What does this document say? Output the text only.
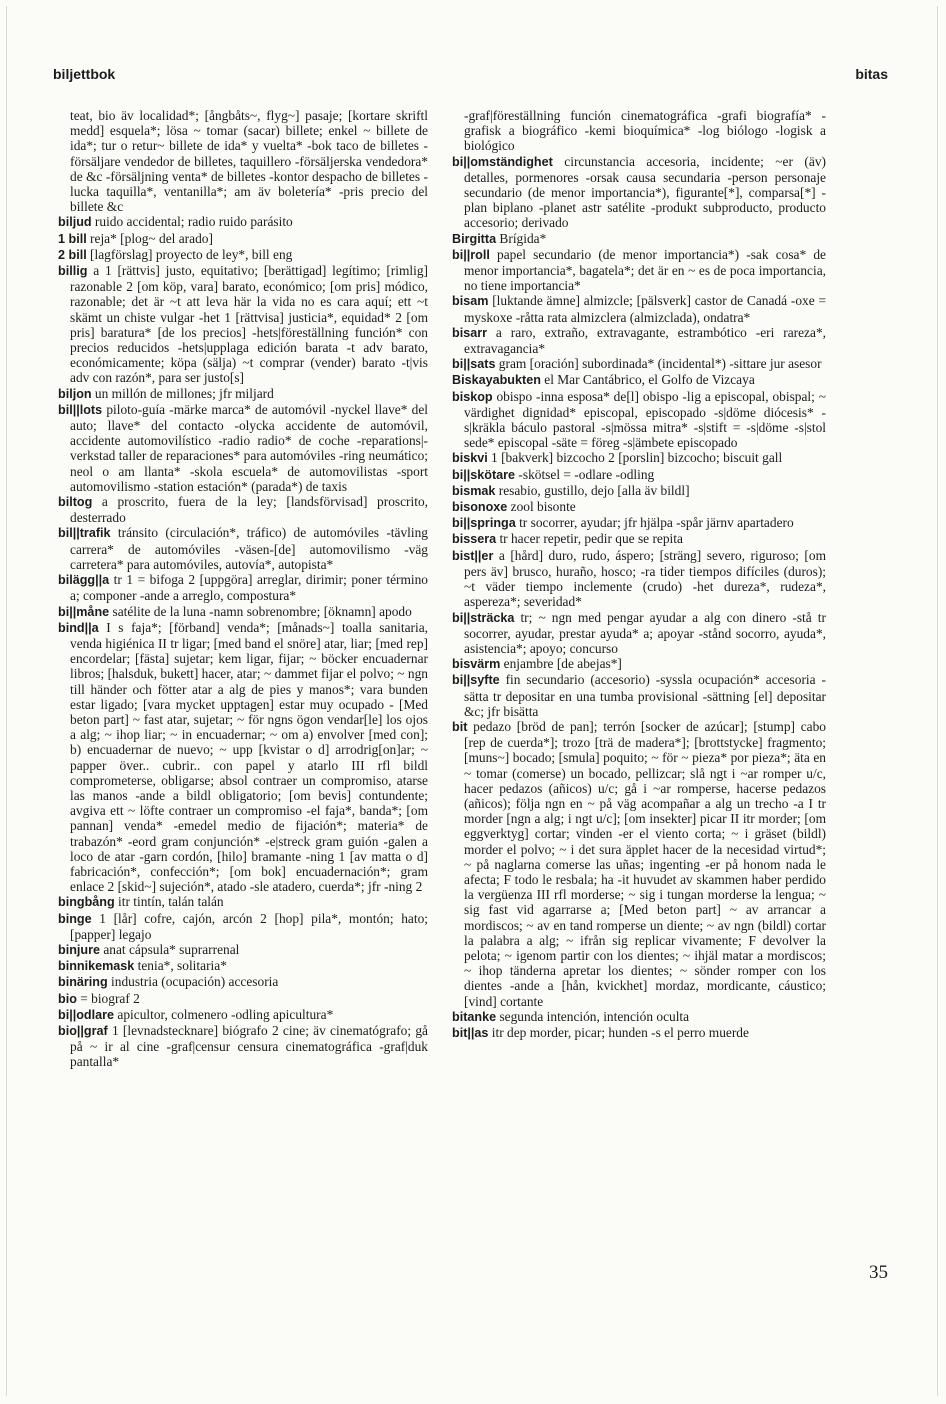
biljettbok	bitas

teat, bio äv localidad*; [ångbåts~, flyg~] pasaje; [kortare skriftl medd] esquela*; lösa ~ tomar (sacar) billete; enkel ~ billete de ida*; tur o retur~ billete de ida* y vuelta* -bok taco de billetes -försäljare vendedor de billetes, taquillero -försäljerska vendedora* de &c -försäljning venta* de billetes -kontor despacho de billetes -lucka taquilla*, ventanilla*; am äv boletería* -pris precio del billete &c

biljud ruido accidental; radio ruido parásito

1 bill reja* [plog~ del arado]

2 bill [lagförslag] proyecto de ley*, bill eng

billig a 1 [rättvis] justo, equitativo; [berättigad] legítimo; [rimlig] razonable 2 [om köp, vara] barato, económico; [om pris] módico, razonable; det är ~t att leva här la vida no es cara aquí; ett ~t skämt un chiste vulgar -het 1 [rättvisa] justicia*, equidad* 2 [om pris] baratura* [de los precios] -hets|föreställning función* con precios reducidos -hets|upplaga edición barata -t adv barato, económicamente; köpa (sälja) ~t comprar (vender) barato -t|vis adv con razón*, para ser justo[s]

biljon un millón de millones; jfr miljard

bil||lots piloto-guía -märke marca* de automóvil -nyckel llave* del auto; llave* del contacto -olycka accidente de automóvil, accidente automovilístico -radio radio* de coche -reparations|-verkstad taller de reparaciones* para automóviles -ring neumático; neol o am llanta* -skola escuela* de automovilistas -sport automovilismo -station estación* (parada*) de taxis

biltog a proscrito, fuera de la ley; [landsförvisad] proscrito, desterrado

bil||trafik tránsito (circulación*, tráfico) de automóviles -tävling carrera* de automóviles -väsen-[de] automovilismo -väg carretera* para automóviles, autovía*, autopista*

bilägg||a tr 1 = bifoga 2 [uppgöra] arreglar, dirimir; poner término a; componer -ande a arreglo, compostura*

bi||måne satélite de la luna -namn sobrenombre; [öknamn] apodo

bind||a I s faja*; [förband] venda*; [månads~] toalla sanitaria, venda higiénica II tr ligar; [med band el snöre] atar, liar; [med rep] encordelar; [fästa] sujetar; kem ligar, fijar; ~ böcker encuadernar libros; [halsduk, bukett] hacer, atar; ~ dammet fijar el polvo; ~ ngn till händer och fötter atar a alg de pies y manos*; vara bunden estar ligado; [vara mycket upptagen] estar muy ocupado - [Med beton part] ~ fast atar, sujetar; ~ för ngns ögon vendar[le] los ojos a alg; ~ ihop liar; ~ in encuadernar; ~ om a) envolver [med con]; b) encuadernar de nuevo; ~ upp [kvistar o d] arrodrig[on]ar; ~ papper över.. cubrir.. con papel y atarlo III rfl bildl comprometerse, obligarse; absol contraer un compromiso, atarse las manos -ande a bildl obligatorio; [om bevis] contundente; avgiva ett ~ löfte contraer un compromiso -el faja*, banda*; [om pannan] venda* -emedel medio de fijación*; materia* de trabazón* -eord gram conjunción* -e|streck gram guión -galen a loco de atar -garn cordón, [hilo] bramante -ning 1 [av matta o d] fabricación*, confección*; [om bok] encuadernación*; gram enlace 2 [skid~] sujeción*, atado -sle atadero, cuerda*; jfr -ning 2

bingbång itr tintín, talán talán

binge 1 [lår] cofre, cajón, arcón 2 [hop] pila*, montón; hato; [papper] legajo

binjure anat cápsula* suprarrenal

binnikemask tenia*, solitaria*

binäring industria (ocupación) accesoria

bio = biograf 2

bi||odlare apicultor, colmenero -odling apicultura*

bio||graf 1 [levnadstecknare] biógrafo 2 cine; äv cinematógrafo; gå på ~ ir al cine -graf|censur censura cinematográfica -graf|duk pantalla*

-graf|föreställning función cinematográfica -grafi biografía* -grafisk a biográfico -kemi bioquímica* -log biólogo -logisk a biológico

bi||omständighet circunstancia accesoria, incidente; ~er (äv) detalles, pormenores -orsak causa secundaria -person personaje secundario (de menor importancia*), figurante[*], comparsa[*] -plan biplano -planet astr satélite -produkt subproducto, producto accesorio; derivado

Birgitta Brígida*

bi||roll papel secundario (de menor importancia*) -sak cosa* de menor importancia*, bagatela*; det är en ~ es de poca importancia, no tiene importancia*

bisam [luktande ämne] almizcle; [pälsverk] castor de Canadá -oxe = myskoxe -råtta rata almizclera (almizclada), ondatra*

bisarr a raro, extraño, extravagante, estrambótico -eri rareza*, extravagancia*

bi||sats gram [oración] subordinada* (incidental*) -sittare jur asesor

Biskayabukten el Mar Cantábrico, el Golfo de Vizcaya

biskop obispo -inna esposa* de[l] obispo -lig a episcopal, obispal; ~ värdighet dignidad* episcopal, episcopado -s|döme diócesis* -s|kräkla báculo pastoral -s|mössa mitra* -s|stift = -s|döme -s|stol sede* episcopal -säte = föreg -s|ämbete episcopado

biskvi 1 [bakverk] bizcocho 2 [porslin] bizcocho; biscuit gall

bi||skötare -skötsel = -odlare -odling

bismak resabio, gustillo, dejo [alla äv bildl]

bisonoxe zool bisonte

bi||springa tr socorrer, ayudar; jfr hjälpa -spår järnv apartadero

bissera tr hacer repetir, pedir que se repita

bist||er a [hård] duro, rudo, áspero; [sträng] severo, riguroso; [om pers äv] brusco, huraño, hosco; -ra tider tiempos difíciles (duros); ~t väder tiempo inclemente (crudo) -het dureza*, rudeza*, aspereza*; severidad*

bi||sträcka tr; ~ ngn med pengar ayudar a alg con dinero -stå tr socorrer, ayudar, prestar ayuda* a; apoyar -stånd socorro, ayuda*, asistencia*; apoyo; concurso

bisvärm enjambre [de abejas*]

bi||syfte fin secundario (accesorio) -syssla ocupación* accesoria -sätta tr depositar en una tumba provisional -sättning [el] depositar &c; jfr bisätta

bit pedazo [bröd de pan]; terrón [socker de azúcar]; [stump] cabo [rep de cuerda*]; trozo [trä de madera*]; [brottstycke] fragmento; [muns~] bocado; [smula] poquito; ~ för ~ pieza* por pieza*; äta en ~ tomar (comerse) un bocado, pellizcar; slå ngt i ~ar romper u/c, hacer pedazos (añicos) u/c; gå i ~ar romperse, hacerse pedazos (añicos); följa ngn en ~ på väg acompañar a alg un trecho -a I tr morder [ngn a alg; i ngt u/c]; [om insekter] picar II itr morder; [om eggverktyg] cortar; vinden -er el viento corta; ~ i gräset (bildl) morder el polvo; ~ i det sura äpplet hacer de la necesidad virtud*; ~ på naglarna comerse las uñas; ingenting -er på honom nada le afecta; F todo le resbala; ha -it huvudet av skammen haber perdido la vergüenza III rfl morderse; ~ sig i tungan morderse la lengua; ~ sig fast vid agarrarse a; [Med beton part] ~ av arrancar a mordiscos; ~ av en tand romperse un diente; ~ av ngn (bildl) cortar la palabra a alg; ~ ifrån sig replicar vivamente; F devolver la pelota; ~ igenom partir con los dientes; ~ ihjäl matar a mordiscos; ~ ihop tänderna apretar los dientes; ~ sönder romper con los dientes -ande a [hån, kvickhet] mordaz, mordicante, cáustico; [vind] cortante

bitanke segunda intención, intención oculta

bit||as itr dep morder, picar; hunden -s el perro muerde

35
